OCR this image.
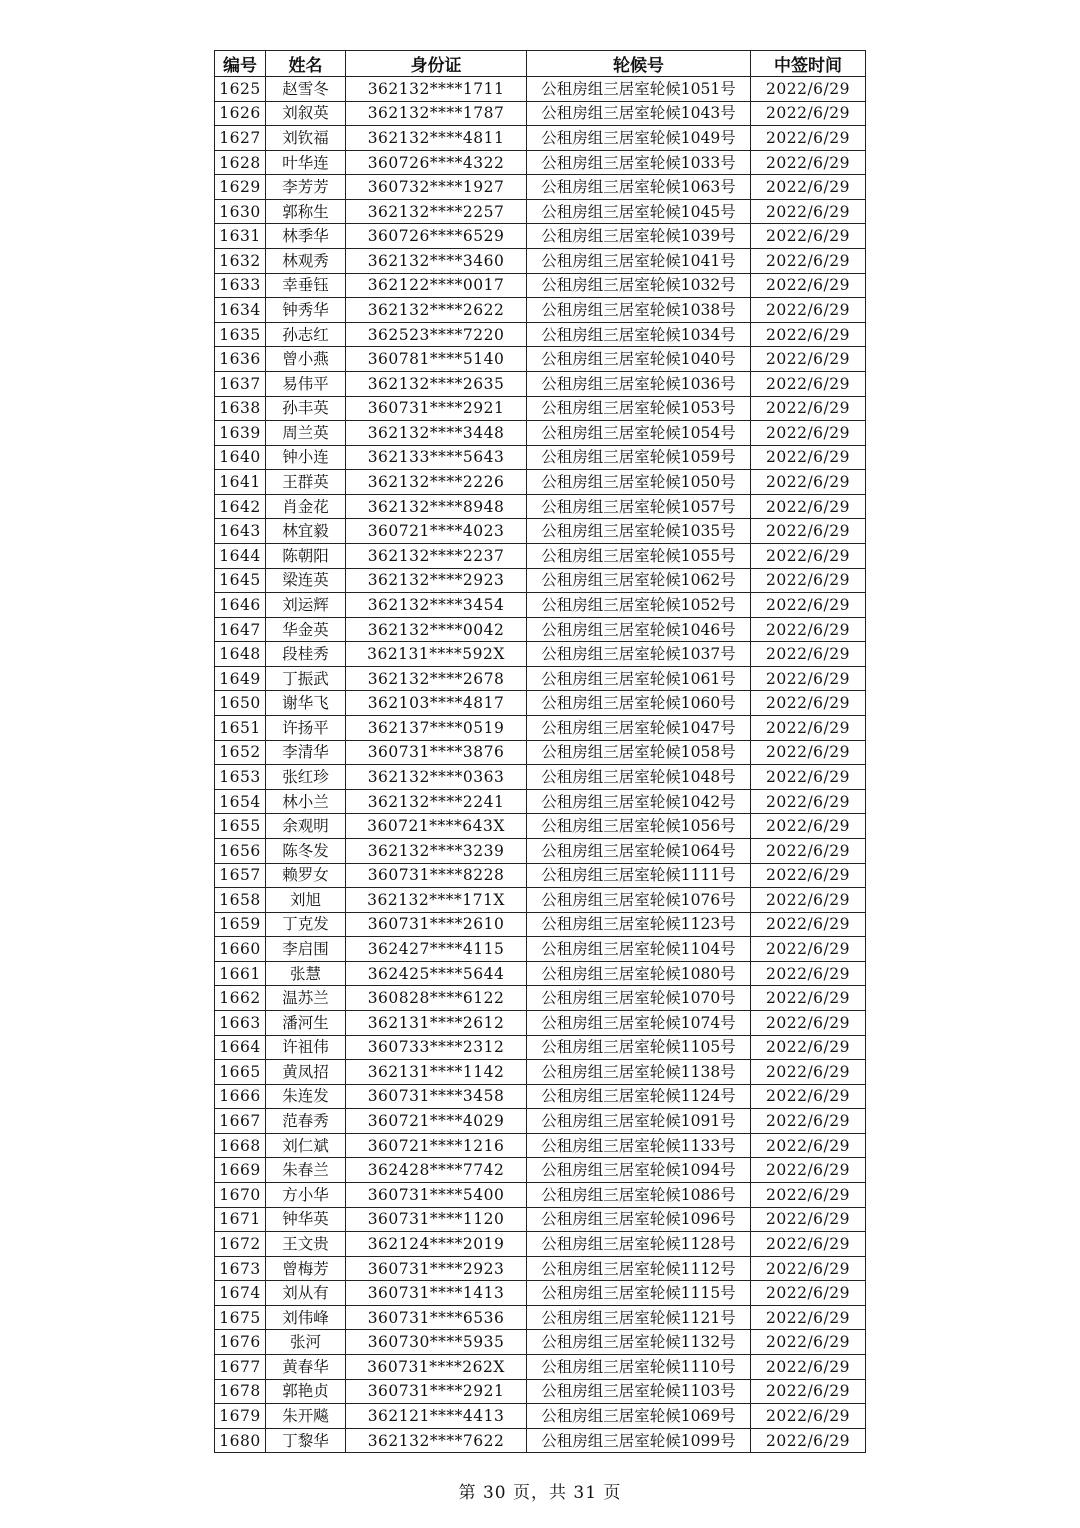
编号	姓名	身份证	轮候号	中签时间
1625	赵雪冬	362132****1711	公租房组三居室轮候1051号	2022/6/29
1626	刘叙英	362132****1787	公租房组三居室轮候1043号	2022/6/29
1627	刘钦福	362132****4811	公租房组三居室轮候1049号	2022/6/29
1628	叶华连	360726****4322	公租房组三居室轮候1033号	2022/6/29
1629	李芳芳	360732****1927	公租房组三居室轮候1063号	2022/6/29
1630	郭称生	362132****2257	公租房组三居室轮候1045号	2022/6/29
1631	林季华	360726****6529	公租房组三居室轮候1039号	2022/6/29
1632	林观秀	362132****3460	公租房组三居室轮候1041号	2022/6/29
1633	幸垂钰	362122****0017	公租房组三居室轮候1032号	2022/6/29
1634	钟秀华	362132****2622	公租房组三居室轮候1038号	2022/6/29
1635	孙志红	362523****7220	公租房组三居室轮候1034号	2022/6/29
1636	曾小燕	360781****5140	公租房组三居室轮候1040号	2022/6/29
1637	易伟平	362132****2635	公租房组三居室轮候1036号	2022/6/29
1638	孙丰英	360731****2921	公租房组三居室轮候1053号	2022/6/29
1639	周兰英	362132****3448	公租房组三居室轮候1054号	2022/6/29
1640	钟小连	362133****5643	公租房组三居室轮候1059号	2022/6/29
1641	王群英	362132****2226	公租房组三居室轮候1050号	2022/6/29
1642	肖金花	362132****8948	公租房组三居室轮候1057号	2022/6/29
1643	林宜毅	360721****4023	公租房组三居室轮候1035号	2022/6/29
1644	陈朝阳	362132****2237	公租房组三居室轮候1055号	2022/6/29
1645	梁连英	362132****2923	公租房组三居室轮候1062号	2022/6/29
1646	刘运辉	362132****3454	公租房组三居室轮候1052号	2022/6/29
1647	华金英	362132****0042	公租房组三居室轮候1046号	2022/6/29
1648	段桂秀	362131****592X	公租房组三居室轮候1037号	2022/6/29
1649	丁振武	362132****2678	公租房组三居室轮候1061号	2022/6/29
1650	谢华飞	362103****4817	公租房组三居室轮候1060号	2022/6/29
1651	许扬平	362137****0519	公租房组三居室轮候1047号	2022/6/29
1652	李清华	360731****3876	公租房组三居室轮候1058号	2022/6/29
1653	张红珍	362132****0363	公租房组三居室轮候1048号	2022/6/29
1654	林小兰	362132****2241	公租房组三居室轮候1042号	2022/6/29
1655	余观明	360721****643X	公租房组三居室轮候1056号	2022/6/29
1656	陈冬发	362132****3239	公租房组三居室轮候1064号	2022/6/29
1657	赖罗女	360731****8228	公租房组三居室轮候1111号	2022/6/29
1658	刘旭	362132****171X	公租房组三居室轮候1076号	2022/6/29
1659	丁克发	360731****2610	公租房组三居室轮候1123号	2022/6/29
1660	李启围	362427****4115	公租房组三居室轮候1104号	2022/6/29
1661	张慧	362425****5644	公租房组三居室轮候1080号	2022/6/29
1662	温苏兰	360828****6122	公租房组三居室轮候1070号	2022/6/29
1663	潘河生	362131****2612	公租房组三居室轮候1074号	2022/6/29
1664	许祖伟	360733****2312	公租房组三居室轮候1105号	2022/6/29
1665	黄凤招	362131****1142	公租房组三居室轮候1138号	2022/6/29
1666	朱连发	360731****3458	公租房组三居室轮候1124号	2022/6/29
1667	范春秀	360721****4029	公租房组三居室轮候1091号	2022/6/29
1668	刘仁斌	360721****1216	公租房组三居室轮候1133号	2022/6/29
1669	朱春兰	362428****7742	公租房组三居室轮候1094号	2022/6/29
1670	方小华	360731****5400	公租房组三居室轮候1086号	2022/6/29
1671	钟华英	360731****1120	公租房组三居室轮候1096号	2022/6/29
1672	王文贵	362124****2019	公租房组三居室轮候1128号	2022/6/29
1673	曾梅芳	360731****2923	公租房组三居室轮候1112号	2022/6/29
1674	刘从有	360731****1413	公租房组三居室轮候1115号	2022/6/29
1675	刘伟峰	360731****6536	公租房组三居室轮候1121号	2022/6/29
1676	张河	360730****5935	公租房组三居室轮候1132号	2022/6/29
1677	黄春华	360731****262X	公租房组三居室轮候1110号	2022/6/29
1678	郭艳贞	360731****2921	公租房组三居室轮候1103号	2022/6/29
1679	朱开飚	362121****4413	公租房组三居室轮候1069号	2022/6/29
1680	丁黎华	362132****7622	公租房组三居室轮候1099号	2022/6/29
第 30 页，共 31 页
